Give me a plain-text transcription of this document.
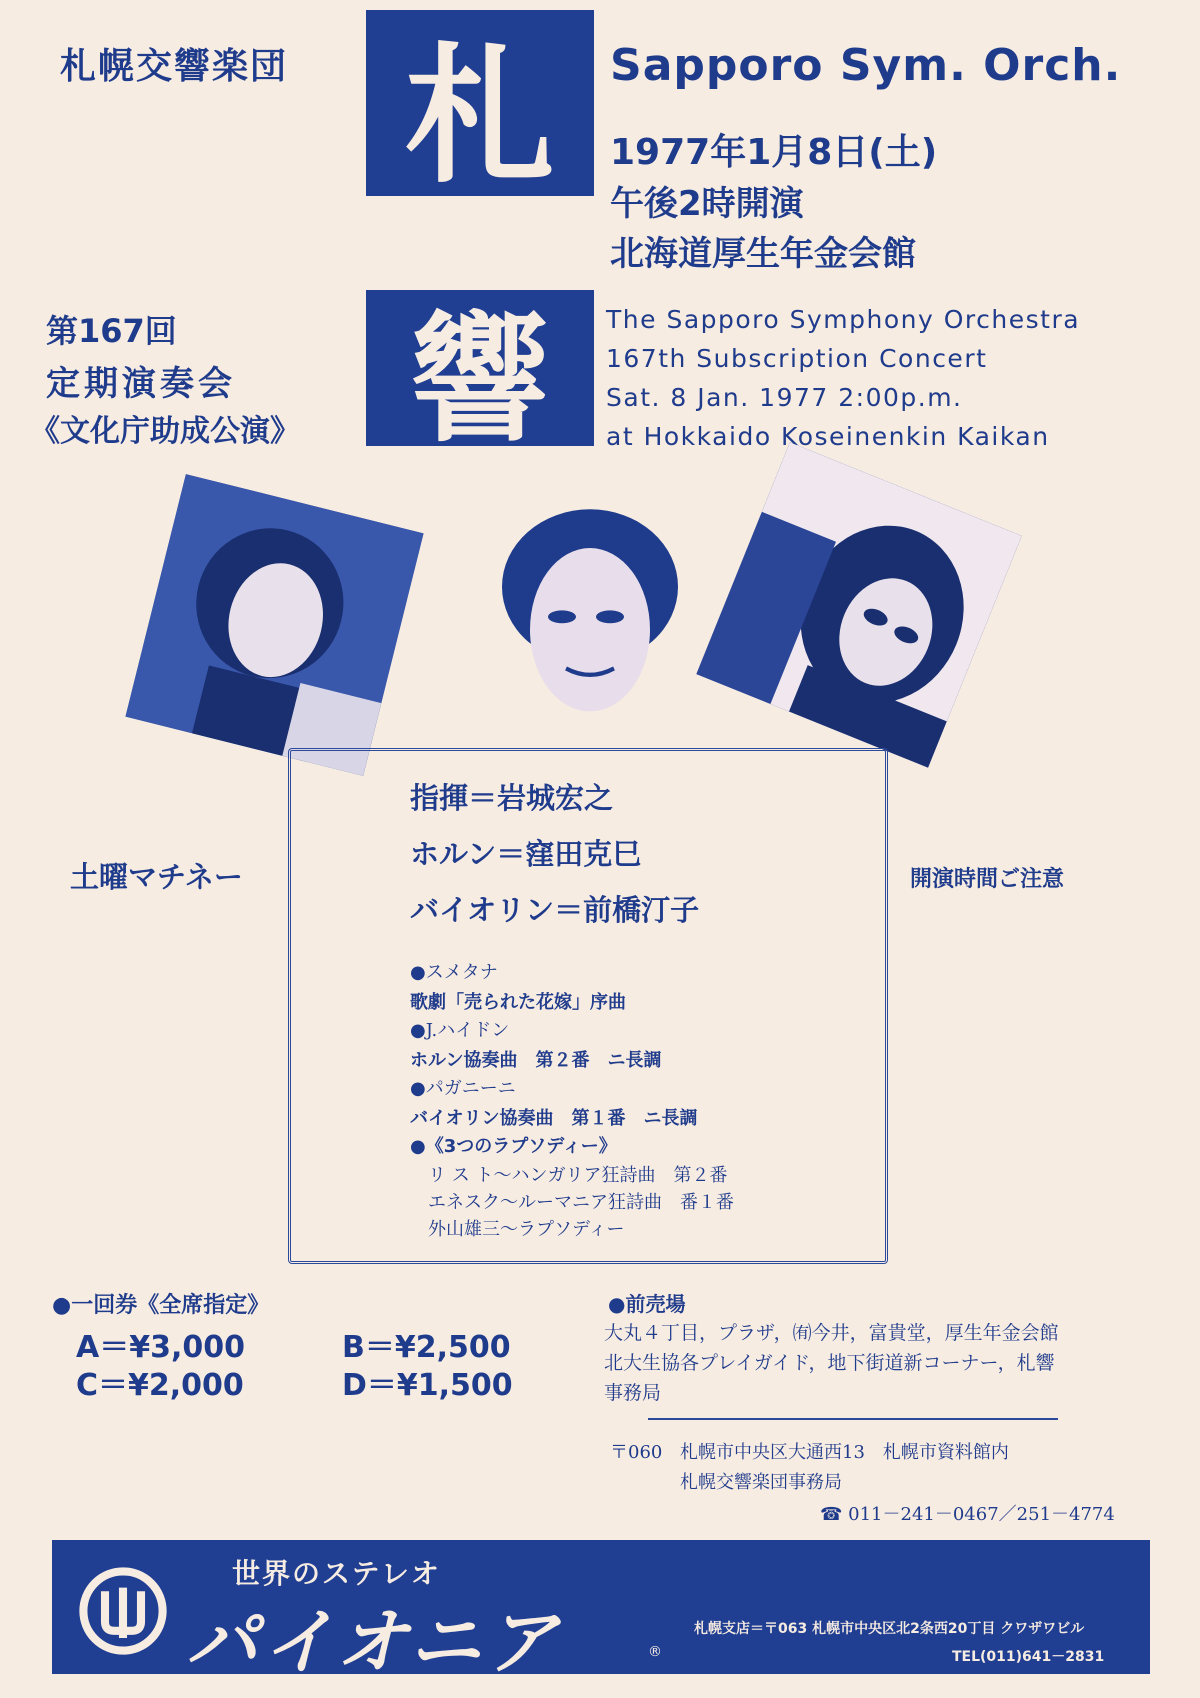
札幌交響楽団 札
響
Sapporo Sym. Orch.
1977年1月8日(土)
午後2時開演
北海道厚生年金会館
第167回
定期演奏会
《文化庁助成公演》
The Sapporo Symphony Orchestra
167th Subscription Concert
Sat. 8 Jan. 1977 2:00p.m.
at Hokkaido Koseinenkin Kaikan
土曜マチネー	開演時間ご注意
指揮＝岩城宏之
ホルン＝窪田克巳
バイオリン＝前橋汀子
●スメタナ
歌劇「売られた花嫁」序曲
●J.ハイドン
ホルン協奏曲　第２番　ニ長調
●パガニーニ
バイオリン協奏曲　第１番　ニ長調
●《3つのラプソディー》
リ ス ト～ハンガリア狂詩曲　第２番
エネスク～ルーマニア狂詩曲　番１番
外山雄三～ラプソディー
●一回券《全席指定》
A＝¥3,000	B＝¥2,500
C＝¥2,000	D＝¥1,500
●前売場
大丸４丁目，プラザ，㈲今井，富貴堂，厚生年金会館
北大生協各プレイガイド，地下街道新コーナー，札響
事務局
〒060 札幌市中央区大通西13　札幌市資料館内
札幌交響楽団事務局
☎ 011－241－0467／251－4774
世界のステレオ
パイオニア	®
札幌支店＝〒063 札幌市中央区北2条西20丁目 クワザワビル
TEL(011)641－2831
